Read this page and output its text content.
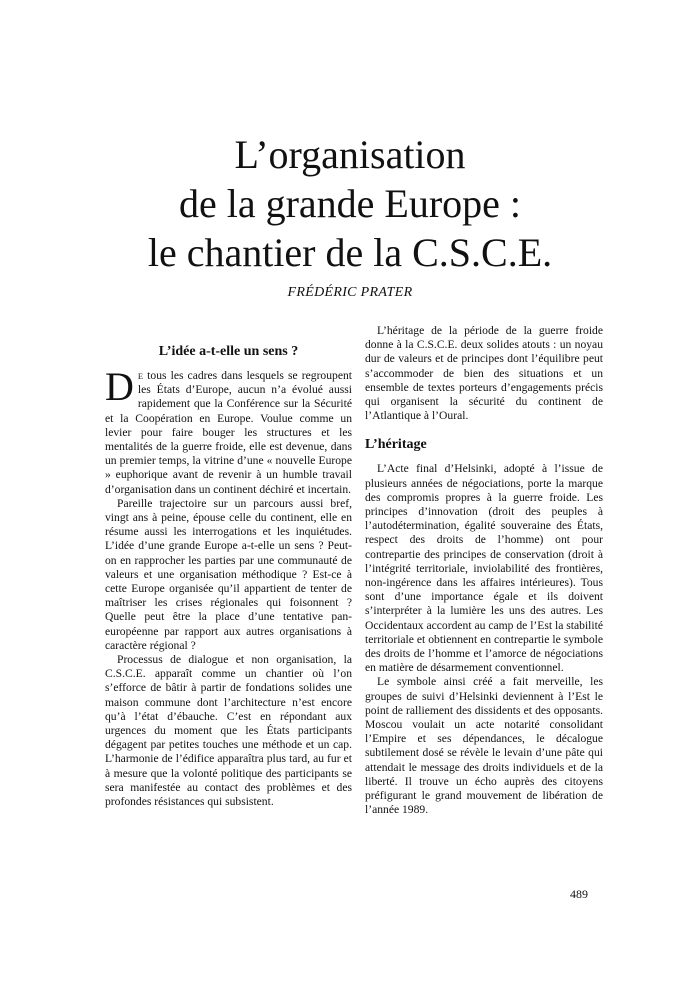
L’organisation
de la grande Europe :
le chantier de la C.S.C.E.
FRÉDÉRIC PRATER
L’idée a-t-elle un sens ?

DE tous les cadres dans lesquels se regroupent les États d’Europe, aucun n’a évolué aussi rapidement que la Conférence sur la Sécurité et la Coopération en Europe. Voulue comme un levier pour faire bouger les structures et les mentalités de la guerre froide, elle est devenue, dans un premier temps, la vitrine d’une « nouvelle Europe » euphorique avant de revenir à un humble travail d’organisation dans un continent déchiré et incertain.

Pareille trajectoire sur un parcours aussi bref, vingt ans à peine, épouse celle du continent, elle en résume aussi les interrogations et les inquiétudes. L’idée d’une grande Europe a-t-elle un sens ? Peut-on en rapprocher les parties par une communauté de valeurs et une organisation méthodique ? Est-ce à cette Europe organisée qu’il appartient de tenter de maîtriser les crises régionales qui foisonnent ? Quelle peut être la place d’une tentative pan-européenne par rapport aux autres organisations à caractère régional ?

Processus de dialogue et non organisation, la C.S.C.E. apparaît comme un chantier où l’on s’efforce de bâtir à partir de fondations solides une maison commune dont l’architecture n’est encore qu’à l’état d’ébauche. C’est en répondant aux urgences du moment que les États participants dégagent par petites touches une méthode et un cap. L’harmonie de l’édifice apparaîtra plus tard, au fur et à mesure que la volonté politique des participants se sera manifestée au contact des problèmes et des profondes résistances qui subsistent.

L’héritage de la période de la guerre froide donne à la C.S.C.E. deux solides atouts : un noyau dur de valeurs et de principes dont l’équilibre peut s’accommoder de bien des situations et un ensemble de textes porteurs d’engagements précis qui organisent la sécurité du continent de l’Atlantique à l’Oural.

L’héritage

L’Acte final d’Helsinki, adopté à l’issue de plusieurs années de négociations, porte la marque des compromis propres à la guerre froide. Les principes d’innovation (droit des peuples à l’autodétermination, égalité souveraine des États, respect des droits de l’homme) ont pour contrepartie des principes de conservation (droit à l’intégrité territoriale, inviolabilité des frontières, non-ingérence dans les affaires intérieures). Tous sont d’une importance égale et ils doivent s’interpréter à la lumière les uns des autres. Les Occidentaux accordent au camp de l’Est la stabilité territoriale et obtiennent en contrepartie le symbole des droits de l’homme et l’amorce de négociations en matière de désarmement conventionnel.

Le symbole ainsi créé a fait merveille, les groupes de suivi d’Helsinki deviennent à l’Est le point de ralliement des dissidents et des opposants. Moscou voulait un acte notarité consolidant l’Empire et ses dépendances, le décalogue subtilement dosé se révèle le levain d’une pâte qui attendait le message des droits individuels et de la liberté. Il trouve un écho auprès des citoyens préfigurant le grand mouvement de libération de l’année 1989.

489
